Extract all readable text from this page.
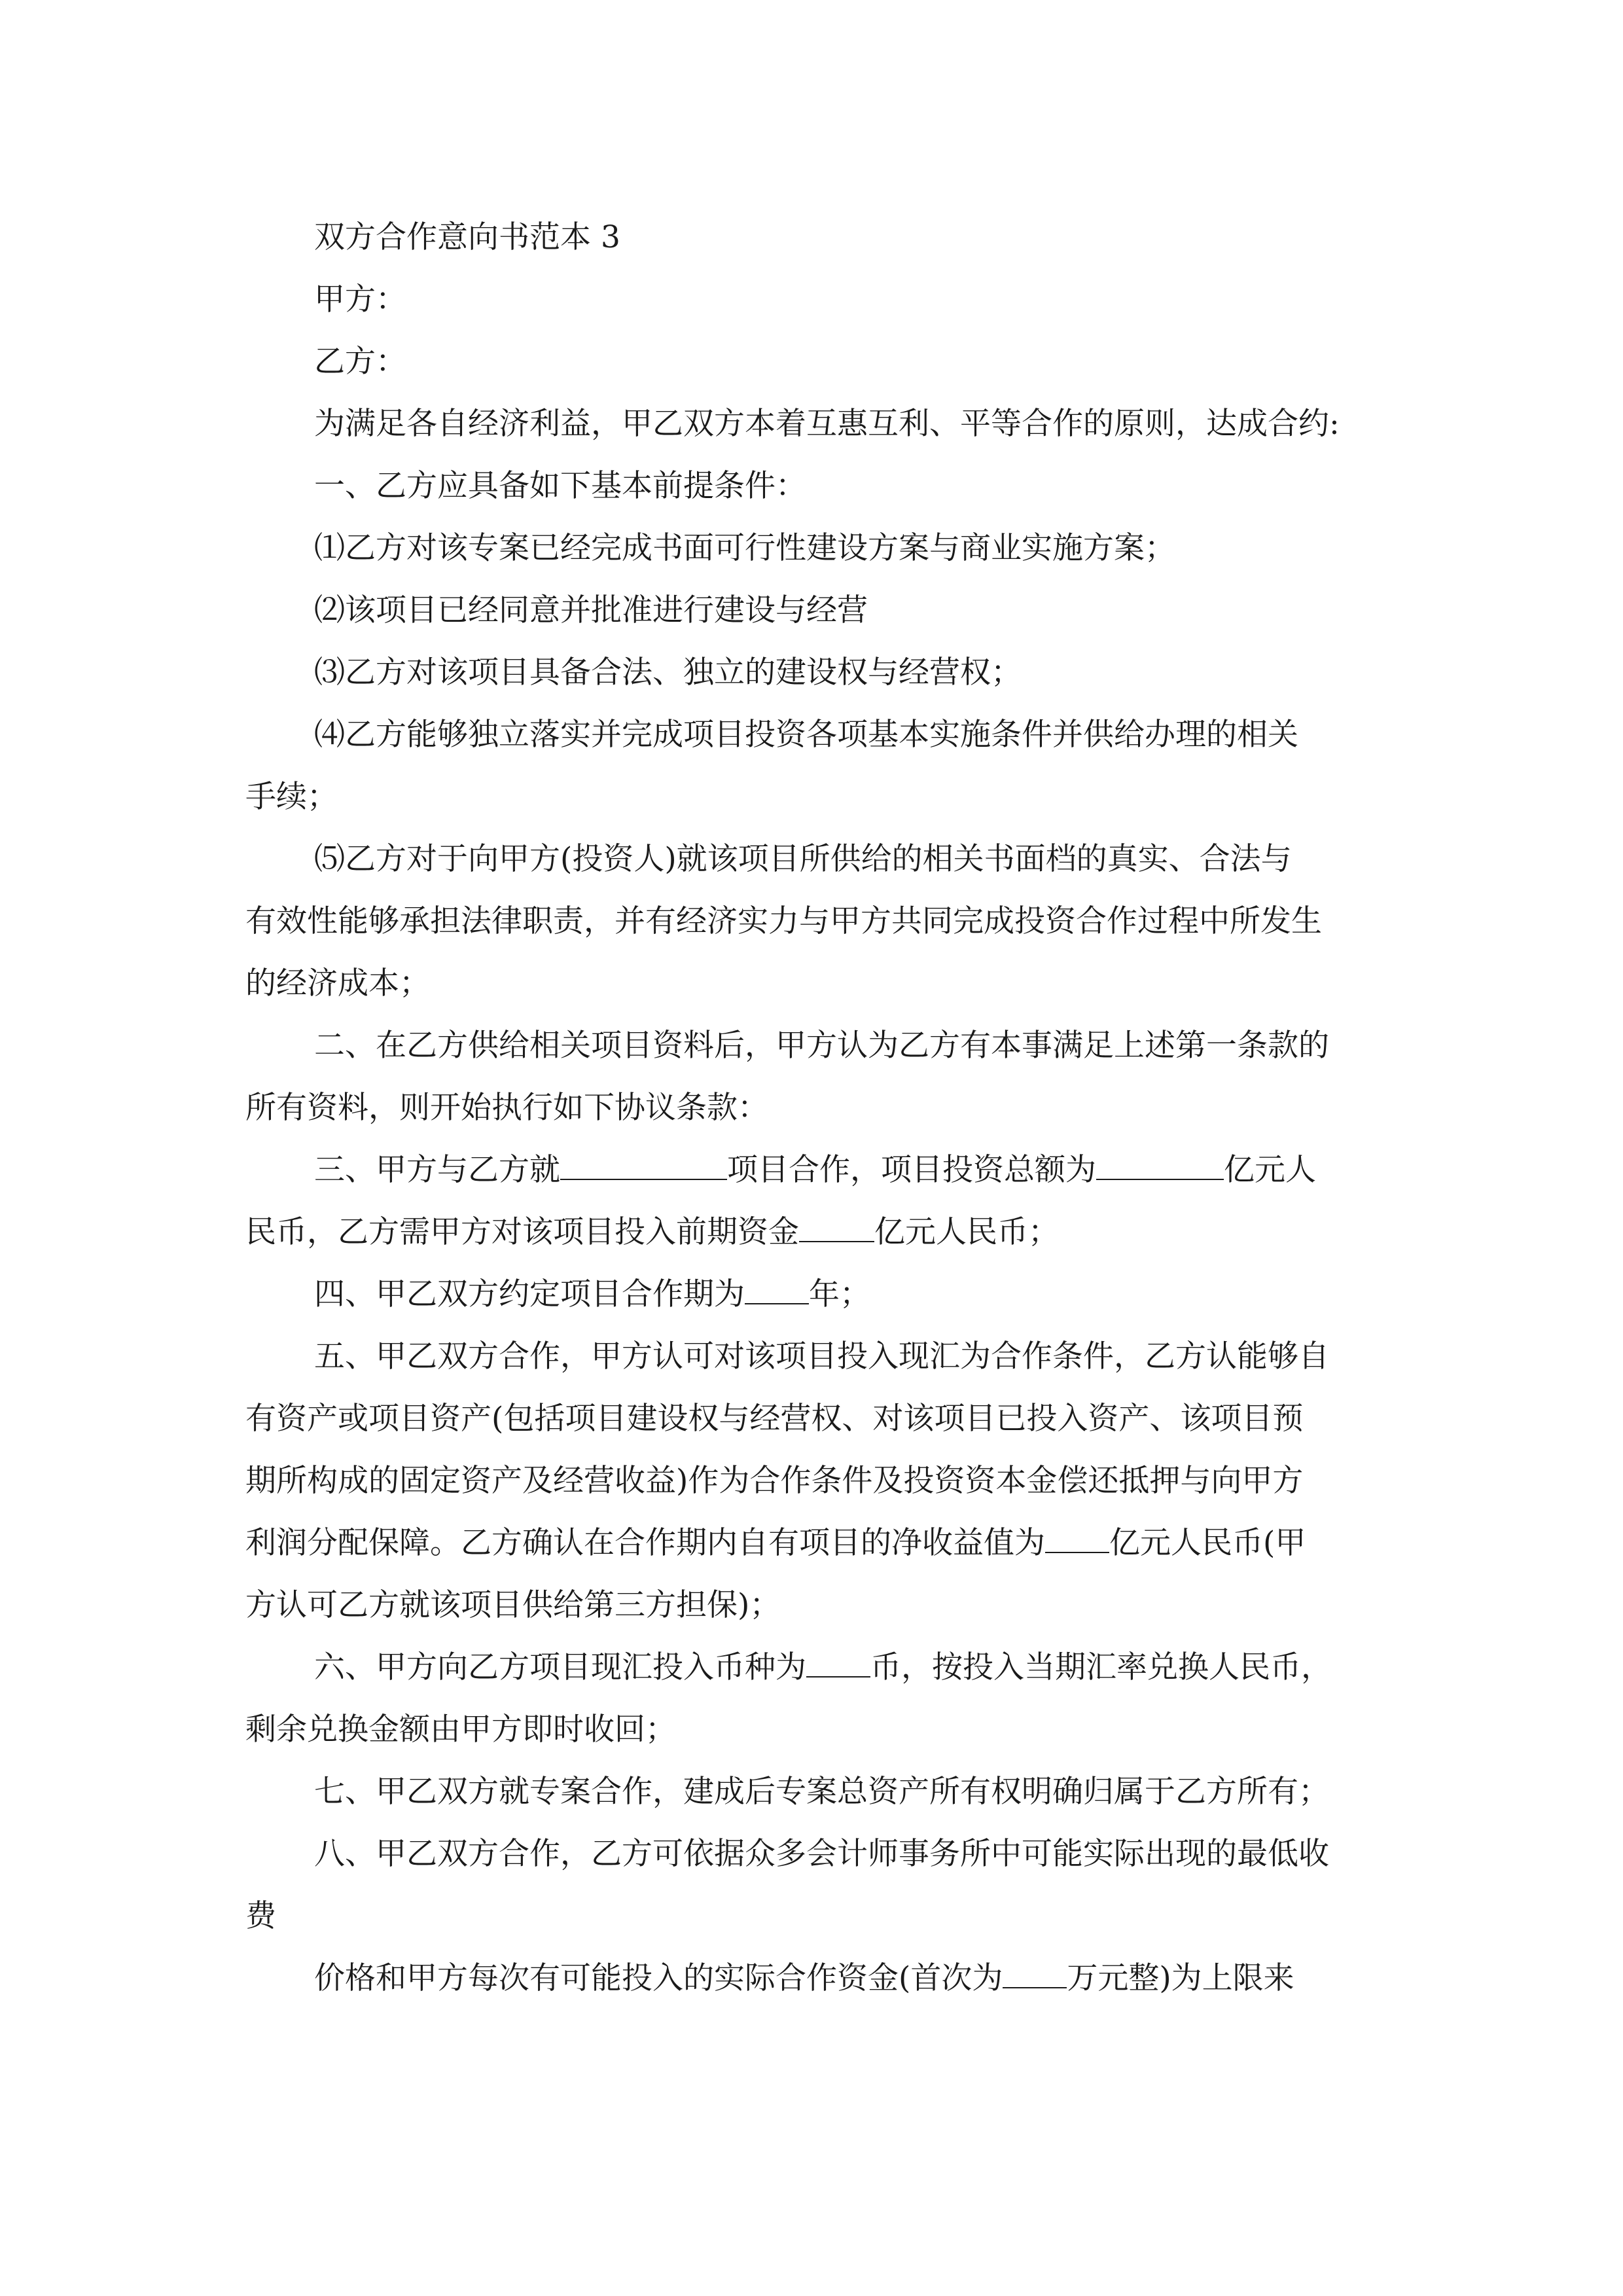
双方合作意向书范本 3

甲方：

乙方：

为满足各自经济利益，甲乙双方本着互惠互利、平等合作的原则，达成合约:

一、乙方应具备如下基本前提条件：

⑴乙方对该专案已经完成书面可行性建设方案与商业实施方案；

⑵该项目已经同意并批准进行建设与经营

⑶乙方对该项目具备合法、独立的建设权与经营权；

⑷乙方能够独立落实并完成项目投资各项基本实施条件并供给办理的相关

手续；

⑸乙方对于向甲方(投资人)就该项目所供给的相关书面档的真实、合法与

有效性能够承担法律职责，并有经济实力与甲方共同完成投资合作过程中所发生

的经济成本；

二、在乙方供给相关项目资料后，甲方认为乙方有本事满足上述第一条款的

所有资料，则开始执行如下协议条款：

三、甲方与乙方就	项目合作，项目投资总额为	亿元人

民币，乙方需甲方对该项目投入前期资金 亿元人民币；

四、甲乙双方约定项目合作期为 年；

五、甲乙双方合作，甲方认可对该项目投入现汇为合作条件，乙方认能够自

有资产或项目资产(包括项目建设权与经营权、对该项目已投入资产、该项目预

期所构成的固定资产及经营收益)作为合作条件及投资资本金偿还抵押与向甲方

利润分配保障。乙方确认在合作期内自有项目的净收益值为 亿元人民币(甲

方认可乙方就该项目供给第三方担保)；

六、甲方向乙方项目现汇投入币种为 币，按投入当期汇率兑换人民币，

剩余兑换金额由甲方即时收回；

七、甲乙双方就专案合作，建成后专案总资产所有权明确归属于乙方所有；

八、甲乙双方合作，乙方可依据众多会计师事务所中可能实际出现的最低收

费

价格和甲方每次有可能投入的实际合作资金(首次为 万元整)为上限来
